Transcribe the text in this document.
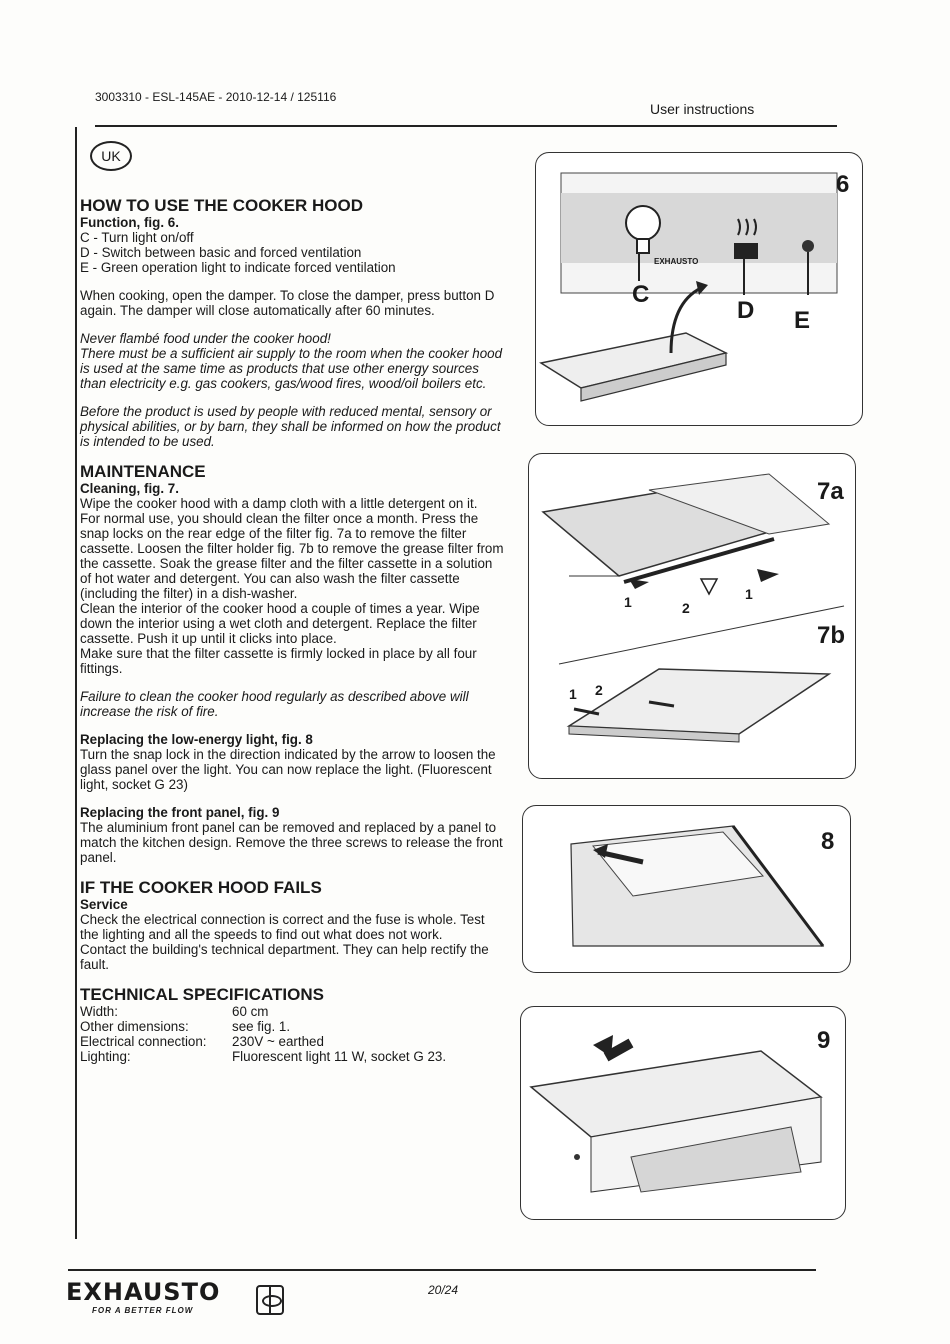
3003310 - ESL-145AE - 2010-12-14 / 125116
User instructions
UK
HOW TO USE THE COOKER HOOD
Function, fig. 6.

C - Turn light on/off

D - Switch between basic and forced ventilation

E - Green operation light to indicate forced ventilation

When cooking, open the damper. To close the damper, press button D again. The damper will close automatically after 60 minutes.

Never flambé food under the cooker hood!
There must be a sufficient air supply to the room when the cooker hood is used at the same time as products that use other energy sources than electricity e.g. gas cookers, gas/wood fires, wood/oil boilers etc.

Before the product is used by people with reduced mental, sensory or physical abilities, or by barn, they shall be informed on how the product is intended to be used.

MAINTENANCE
Cleaning, fig. 7.

Wipe the cooker hood with a damp cloth with a little detergent on it.
For normal use, you should clean the filter once a month. Press the snap locks on the rear edge of the filter fig. 7a to remove the filter cassette. Loosen the filter holder fig. 7b to remove the grease filter from the cassette. Soak the grease filter and the filter cassette in a solution of hot water and detergent. You can also wash the filter cassette (including the filter) in a dish-washer.
Clean the interior of the cooker hood a couple of times a year. Wipe down the interior using a wet cloth and detergent. Replace the filter cassette. Push it up until it clicks into place.
Make sure that the filter cassette is firmly locked in place by all four fittings.

Failure to clean the cooker hood regularly as described above will increase the risk of fire.

Replacing the low-energy light, fig. 8

Turn the snap lock in the direction indicated by the arrow to loosen the glass panel over the light. You can now replace the light. (Fluorescent light, socket G 23)

Replacing the front panel, fig. 9

The aluminium front panel can be removed and replaced by a panel to match the kitchen design. Remove the three screws to release the front panel.

IF THE COOKER HOOD FAILS
Service

Check the electrical connection is correct and the fuse is whole. Test the lighting and all the speeds to find out what does not work.

Contact the building's technical department. They can help rectify the fault.

TECHNICAL SPECIFICATIONS
Width:	60 cm
Other dimensions:	see fig. 1.
Electrical connection:	230V ~ earthed
Lighting:	Fluorescent light 11 W, socket G 23.
6
EXHAUSTO
C
D E
7a
7b
1	2
1
1 2
8
9
EXHAUSTO
FOR A BETTER FLOW
20/24
